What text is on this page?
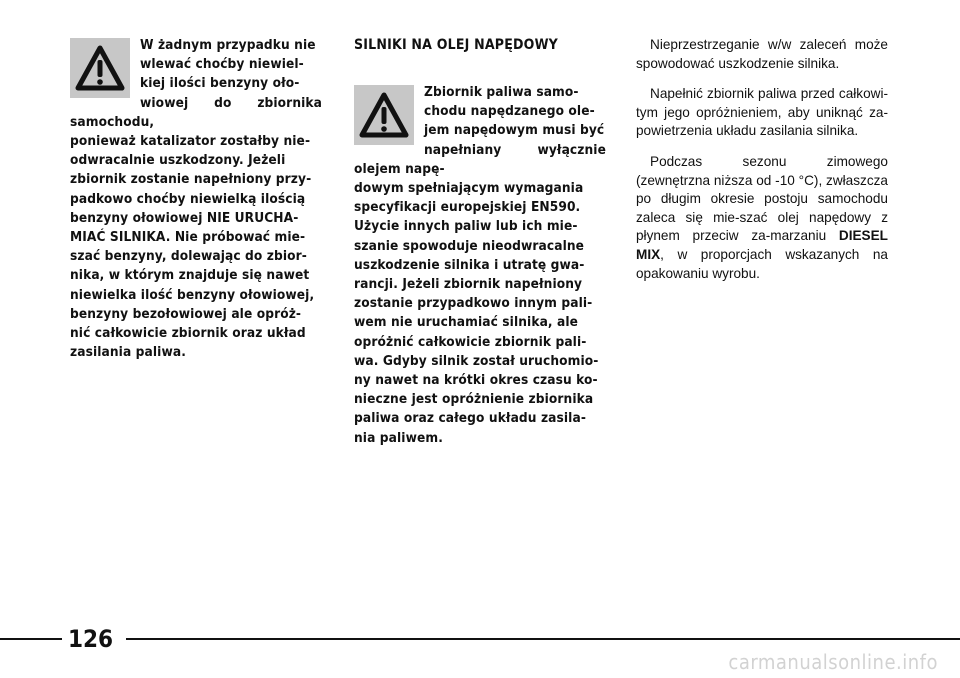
W żadnym przypadku nie
wlewać choćby niewiel-
kiej ilości benzyny oło-
wiowej do zbiornika samochodu,
ponieważ katalizator zostałby nie-
odwracalnie uszkodzony. Jeżeli
zbiornik zostanie napełniony przy-
padkowo choćby niewielką ilością
benzyny ołowiowej NIE URUCHA-
MIAĆ SILNIKA. Nie próbować mie-
szać benzyny, dolewając do zbior-
nika, w którym znajduje się nawet
niewielka ilość benzyny ołowiowej,
benzyny bezołowiowej ale opróż-
nić całkowicie zbiornik oraz układ
zasilania paliwa.

SILNIKI NA OLEJ NAPĘDOWY

Zbiornik paliwa samo-
chodu napędzanego ole-
jem napędowym musi być
napełniany wyłącznie olejem napę-
dowym spełniającym wymagania
specyfikacji europejskiej EN590.
Użycie innych paliw lub ich mie-
szanie spowoduje nieodwracalne
uszkodzenie silnika i utratę gwa-
rancji. Jeżeli zbiornik napełniony
zostanie przypadkowo innym pali-
wem nie uruchamiać silnika, ale
opróżnić całkowicie zbiornik pali-
wa. Gdyby silnik został uruchomio-
ny nawet na krótki okres czasu ko-
nieczne jest opróżnienie zbiornika
paliwa oraz całego układu zasila-
nia paliwem.

Nieprzestrzeganie w/w zaleceń może spowodować uszkodzenie silnika.

Napełnić zbiornik paliwa przed całkowi-tym jego opróżnieniem, aby uniknąć za-powietrzenia układu zasilania silnika.

Podczas sezonu zimowego (zewnętrzna niższa od -10 °C), zwłaszcza po długim okresie postoju samochodu zaleca się mie-szać olej napędowy z płynem przeciw za-marzaniu DIESEL MIX, w proporcjach wskazanych na opakowaniu wyrobu.

126
carmanualsonline.info
